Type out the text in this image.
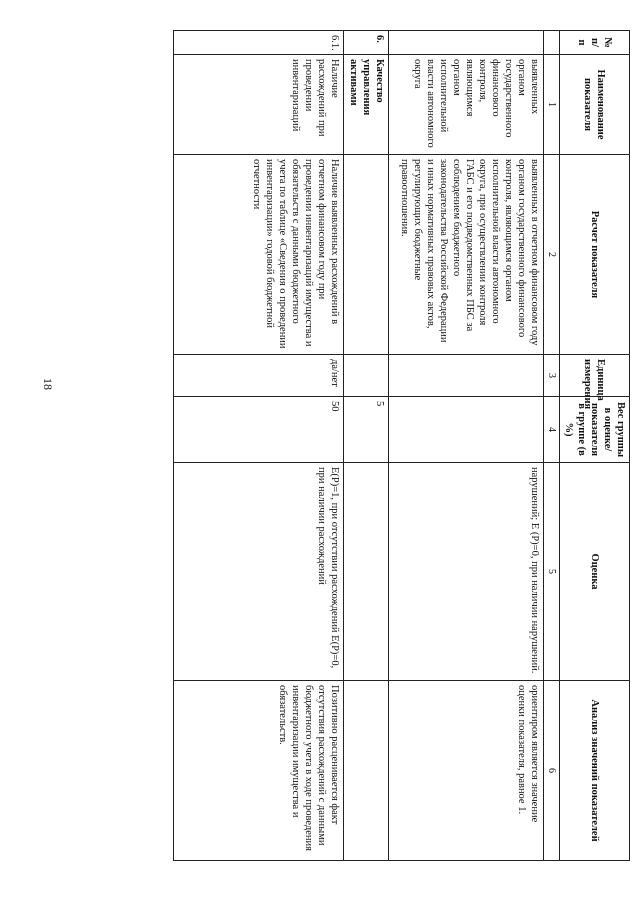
18
№ п/п	Наименование показателя	Расчет показателя	Единица измерения	Вес группы в оценке/ показателя в группе (в %)	Оценка	Анализ значений показателей
	1	2	3	4	5	6
	выявленных органом государственного финансового контроля, являющимся органом исполнительной власти автономного округа	выявленных в отчетном финансовом году органом государственного финансового контроля, являющимся органом исполнительной власти автономного округа, при осуществлении контроля ГАБС и его подведомственных ПБС за соблюдением бюджетного законодательства Российской Федерации и иных нормативных правовых актов, регулирующих бюджетные правоотношения.			нарушений; E (P)=0, при наличии нарушений.	ориентиром является значение оценки показателя, равное 1.
6.	Качество управления активами			5		
6.1.	Наличие расхождений при проведении инвентаризаций	Наличие выявленных расхождений в отчетном финансовом году при проведении инвентаризаций имущества и обязательств с данными бюджетного учета по таблице «Сведения о проведении инвентаризации» годовой бюджетной отчетности	да/нет	50	E(P)=1, при отсутствии расхождений E(P)=0, при наличии расхождений	Позитивно расценивается факт отсутствия расхождений с данными бюджетного учета в ходе проведения инвентаризации имущества и обязательств.
